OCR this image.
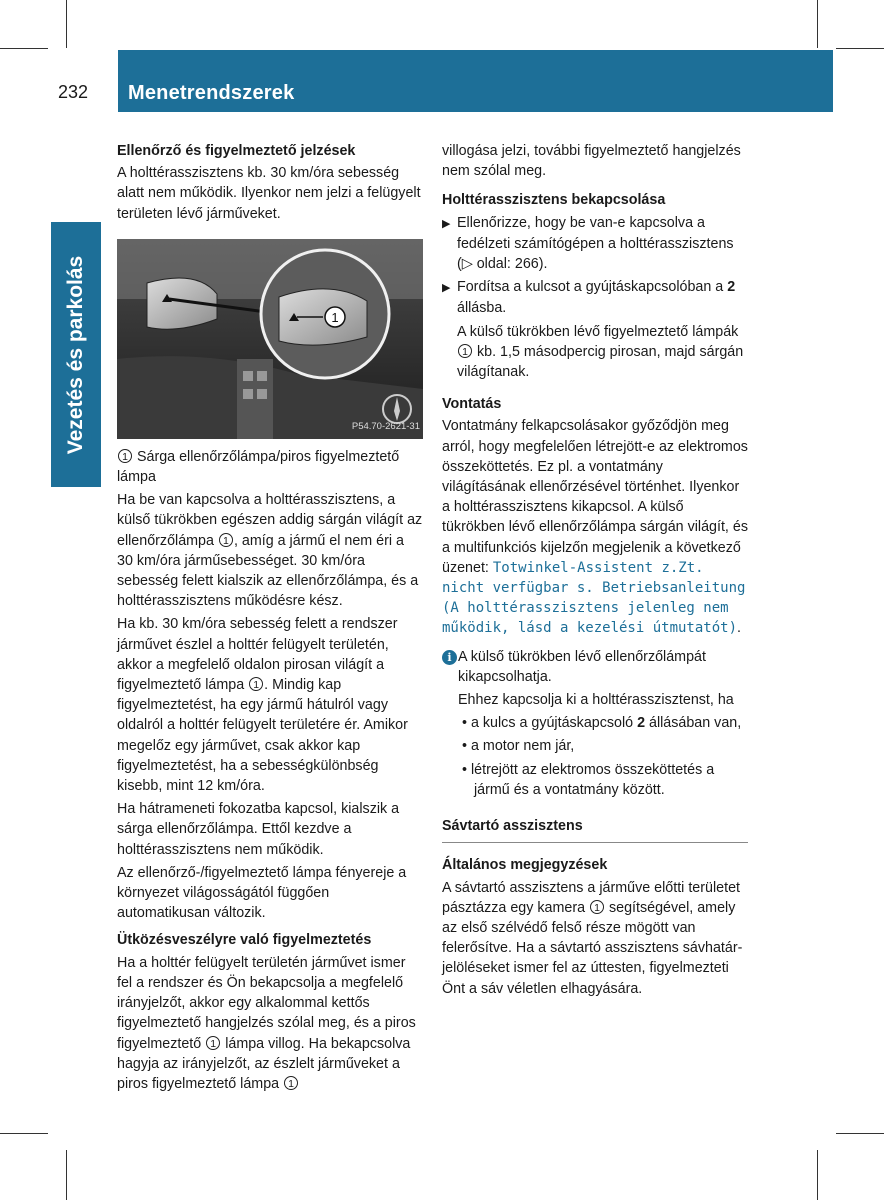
232 Menetrendszerek
Vezetés és parkolás
Ellenőrző és figyelmeztető jelzések

A holttérasszisztens kb. 30 km/óra sebesség alatt nem működik. Ilyenkor nem jelzi a felügyelt területen lévő járműveket.

1
P54.70-2621-31

1 Sárga ellenőrzőlámpa/piros figyelmeztető lámpa

Ha be van kapcsolva a holttérasszisztens, a külső tükrökben egészen addig sárgán világít az ellenőrzőlámpa 1 , amíg a jármű el nem éri a 30 km/óra járműsebességet. 30 km/óra sebesség felett kialszik az ellenőrzőlámpa, és a holttérasszisztens működésre kész.

Ha kb. 30 km/óra sebesség felett a rendszer járművet észlel a holttér felügyelt területén, akkor a megfelelő oldalon pirosan világít a figyelmeztető lámpa 1 . Mindig kap figyelmeztetést, ha egy jármű hátulról vagy oldalról a holttér felügyelt területére ér. Amikor megelőz egy járművet, csak akkor kap figyelmeztetést, ha a sebességkülönbség kisebb, mint 12 km/óra.

Ha hátrameneti fokozatba kapcsol, kialszik a sárga ellenőrzőlámpa. Ettől kezdve a holttérasszisztens nem működik.

Az ellenőrző-/figyelmeztető lámpa fényereje a környezet világosságától függően automatikusan változik.

Ütközésveszélyre való figyelmeztetés

Ha a holttér felügyelt területén járművet ismer fel a rendszer és Ön bekapcsolja a megfelelő irányjelzőt, akkor egy alkalommal kettős figyelmeztető hangjelzés szólal meg, és a piros figyelmeztető 1 lámpa villog. Ha bekapcsolva hagyja az irányjelzőt, az észlelt járműveket a piros figyelmeztető lámpa 1

villogása jelzi, további figyelmeztető hangjelzés nem szólal meg.

Holttérasszisztens bekapcsolása

▶ Ellenőrizze, hogy be van-e kapcsolva a fedélzeti számítógépen a holttérasszisztens (▷ oldal: 266).

▶ Fordítsa a kulcsot a gyújtáskapcsolóban a 2 állásba.

A külső tükrökben lévő figyelmeztető lámpák 1 kb. 1,5 másodpercig pirosan, majd sárgán világítanak.

Vontatás

Vontatmány felkapcsolásakor győződjön meg arról, hogy megfelelően létrejött-e az elektromos összeköttetés. Ez pl. a vontatmány világításának ellenőrzésével történhet. Ilyenkor a holttérasszisztens kikapcsol. A külső tükrökben lévő ellenőrzőlámpa sárgán világít, és a multifunkciós kijelzőn megjelenik a következő üzenet: Totwinkel-Assistent z.Zt. nicht verfügbar s. Betriebsanleitung (A holttérasszisztens jelenleg nem működik, lásd a kezelési útmutatót).

i A külső tükrökben lévő ellenőrzőlámpát kikapcsolhatja.

Ehhez kapcsolja ki a holttérasszisztenst, ha

• a kulcs a gyújtáskapcsoló 2 állásában van,

• a motor nem jár,

• létrejött az elektromos összeköttetés a jármű és a vontatmány között.

Sávtartó asszisztens
Általános megjegyzések

A sávtartó asszisztens a járműve előtti területet pásztázza egy kamera 1 segítségével, amely az első szélvédő felső része mögött van felerősítve. Ha a sávtartó asszisztens sávhatár-jelöléseket ismer fel az úttesten, figyelmezteti Önt a sáv véletlen elhagyására.
